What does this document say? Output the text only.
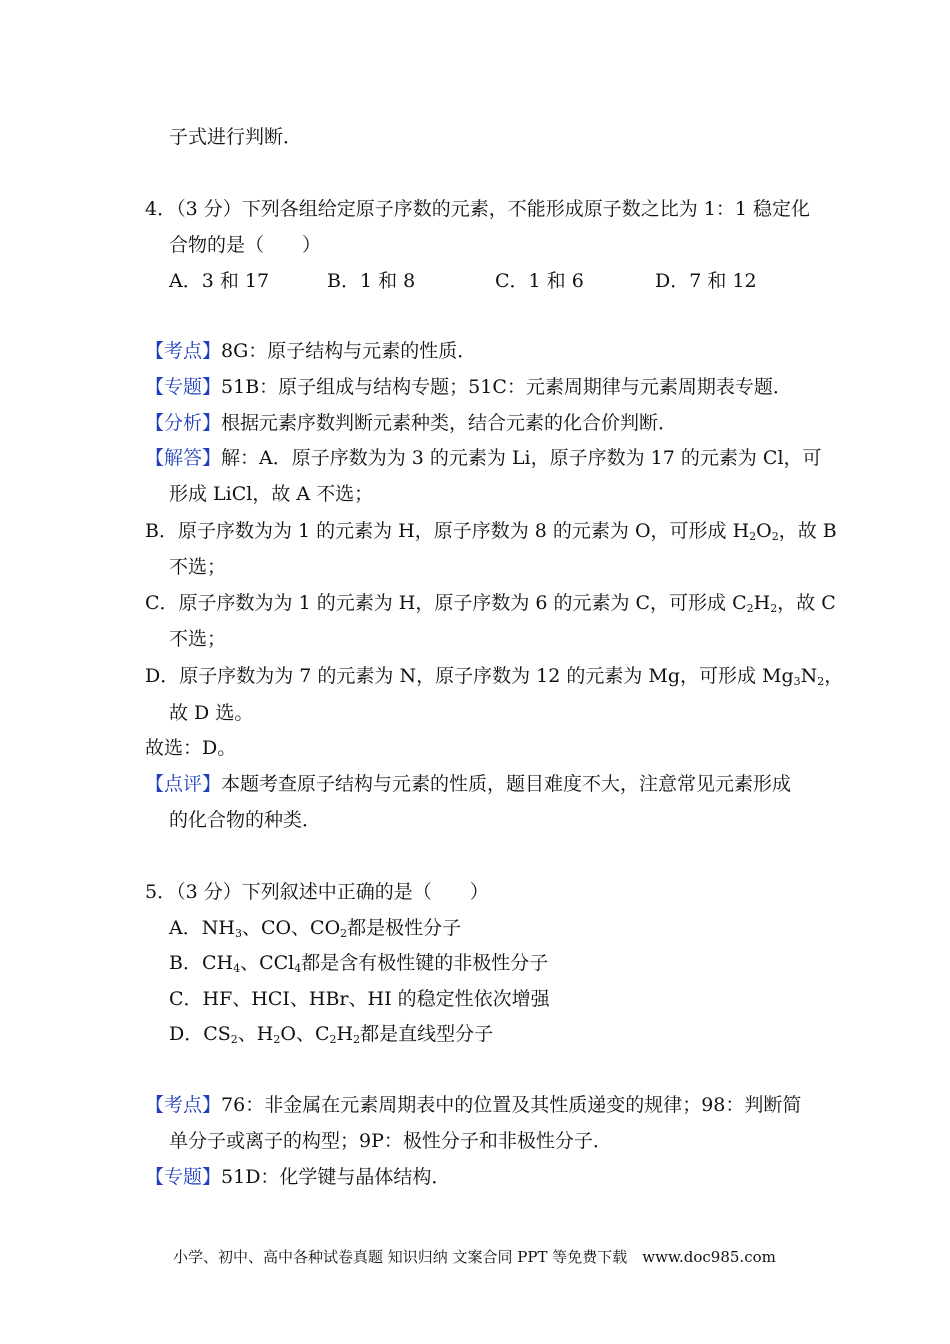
子式进行判断．
4．（3 分）下列各组给定原子序数的元素，不能形成原子数之比为 1：1 稳定化
合物的是（　　）
A．3 和 17	B．1 和 8	C．1 和 6	D．7 和 12
【考点】8G：原子结构与元素的性质．
【专题】51B：原子组成与结构专题；51C：元素周期律与元素周期表专题．
【分析】根据元素序数判断元素种类，结合元素的化合价判断．
【解答】解：A．原子序数为为 3 的元素为 Li，原子序数为 17 的元素为 Cl，可
形成 LiCl，故 A 不选；
B．原子序数为为 1 的元素为 H，原子序数为 8 的元素为 O，可形成 $H_2O_2$，故 B
不选；
C．原子序数为为 1 的元素为 H，原子序数为 6 的元素为 C，可形成 $C_2H_2$，故 C
不选；
D．原子序数为为 7 的元素为 N，原子序数为 12 的元素为 Mg，可形成 $Mg_3N_2$，
故 D 选。
故选：D。
【点评】本题考查原子结构与元素的性质，题目难度不大，注意常见元素形成
的化合物的种类．
5．（3 分）下列叙述中正确的是（　　）
A．$NH_3$、CO、$CO_2$都是极性分子
B．$CH_4$、CCl$_4$都是含有极性键的非极性分子
C．HF、HCI、HBr、HI 的稳定性依次增强
D．$CS_2$、$H_2O$、$C_2H_2$都是直线型分子
【考点】76：非金属在元素周期表中的位置及其性质递变的规律；98：判断简
单分子或离子的构型；9P：极性分子和非极性分子．
【专题】51D：化学键与晶体结构．
小学、初中、高中各种试卷真题 知识归纳 文案合同 PPT 等免费下载　www.doc985.com
